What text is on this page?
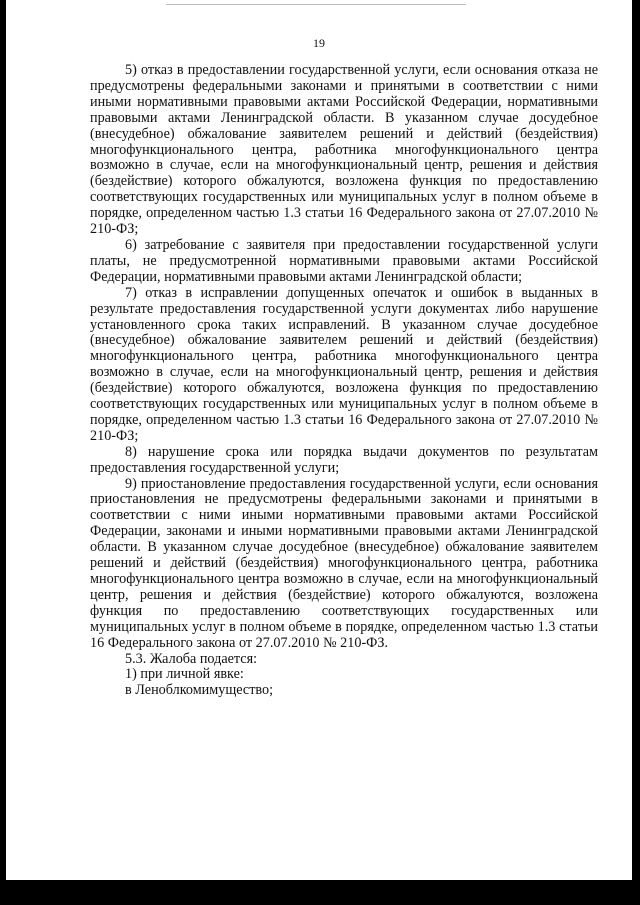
19

5) отказ в предоставлении государственной услуги, если основания отказа не предусмотрены федеральными законами и принятыми в соответствии с ними иными нормативными правовыми актами Российской Федерации, нормативными правовыми актами Ленинградской области. В указанном случае досудебное (внесудебное) обжалование заявителем решений и действий (бездействия) многофункционального центра, работника многофункционального центра возможно в случае, если на многофункциональный центр, решения и действия (бездействие) которого обжалуются, возложена функция по предоставлению соответствующих государственных или муниципальных услуг в полном объеме в порядке, определенном частью 1.3 статьи 16 Федерального закона от 27.07.2010 № 210-ФЗ;

6) затребование с заявителя при предоставлении государственной услуги платы, не предусмотренной нормативными правовыми актами Российской Федерации, нормативными правовыми актами Ленинградской области;

7) отказ в исправлении допущенных опечаток и ошибок в выданных в результате предоставления государственной услуги документах либо нарушение установленного срока таких исправлений. В указанном случае досудебное (внесудебное) обжалование заявителем решений и действий (бездействия) многофункционального центра, работника многофункционального центра возможно в случае, если на многофункциональный центр, решения и действия (бездействие) которого обжалуются, возложена функция по предоставлению соответствующих государственных или муниципальных услуг в полном объеме в порядке, определенном частью 1.3 статьи 16 Федерального закона от 27.07.2010 № 210-ФЗ;

8) нарушение срока или порядка выдачи документов по результатам предоставления государственной услуги;

9) приостановление предоставления государственной услуги, если основания приостановления не предусмотрены федеральными законами и принятыми в соответствии с ними иными нормативными правовыми актами Российской Федерации, законами и иными нормативными правовыми актами Ленинградской области. В указанном случае досудебное (внесудебное) обжалование заявителем решений и действий (бездействия) многофункционального центра, работника многофункционального центра возможно в случае, если на многофункциональный центр, решения и действия (бездействие) которого обжалуются, возложена функция по предоставлению соответствующих государственных или муниципальных услуг в полном объеме в порядке, определенном частью 1.3 статьи 16 Федерального закона от 27.07.2010 № 210-ФЗ.

5.3. Жалоба подается:

1) при личной явке:

в Леноблкомимущество;
